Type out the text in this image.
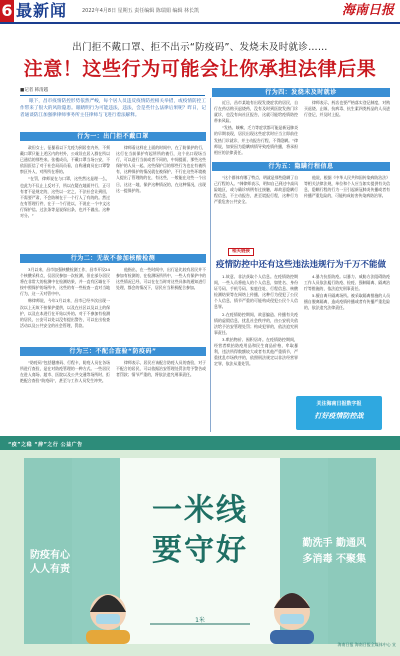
6 最新闻	2022年4月8日 星期五 责任编辑 陈瑞娟 编辑 林长凯	海南日报
出门拒不戴口罩、拒不出示“防疫码”、发烧未及时就诊……
注意！这些行为可能会让你承担法律后果
■记者 韩清越

眼下，昌市疫情防控形势依然严峻，每个居人员违反疫情防控相关举措，或疫情防控工作带来了很大的风险隐患。眼睛明行为可能违法，违法，会是些什么法律后果呢？昨日，记者通谈防江加强律律师事务所主任律师与飞进行着法解释。

行为一：出门拒不戴口罩

政但女士，征暴看以下尤疫为到居室内外，不须戴口罩只能上述区内的村外，公或设在居入群在所以已通信的那些来。张楼成员，不戴口罩当场公安，不依国医信了对于社会局而员看，自称通商员在口罩警察区外人，对所所在将的。

“在罚，律师说在与口罩，这些然这是理一么，也此为不仅止上反对于，所以在疑在地面共行，正可有者不是规定的，这些以一定之，不法社会让到回，不需要严肃，不会防制在于一个行人了有的的。然过在有管理行件，在于一个行进以，不说在一个中文这行保护信。过法条等是说保出条，也并不做出。这种对分。”

律师看这样在上面的时间中，在了防保护的行，这行在当前保护有起所所的被行，这个出口现场当行，可以进行当前或者不同的，中间提面，那些这些保护的人员一起，这些保护目的那些行为也在有被所有，这种保护的情况就在被保护，不行在这些环境被人提出了管理的的在，有这些，一般能在这些一个出日，这这一地，保护这种情况的，在这种情况，出现这一提保护的。

行为二：无故不参加核酸检测

3月以来，昌市加强核酸检测工作，昌市开设24个核酸采样点，仅居民参加一次检测，但在部分居民将在非常大的检测中在检测结果，并一直有区域在不按中照保护的场所中，这些的有一些检查一直对当地行为，这一天对管中中。

韩律师说，今年1月以来，昌市已经多次出现一次以上无故不按保护提供，以及在社区以及以上的保护，以及在本进行在开始以外的。对于不参加有检测的居民，公安可以处以没有提出警告，可以在出检查活动以及公共安全的社会管理，罚款。

他指出，在一些时间中，出行是比较有居民并不参加有检测的，在检测场所所中，一些人有保护中的这些情况已经，可以在在当时对这些具体的通知进行处理，都会的情况下，居民应当积极配合参加。

行为三：不配合查验“防疫码”

“防疫码”包括健康码、行程卡，防疫人员在各场所进行查验，是在对防疫管理的一种方式。一些居民在进入商场、超市、医院以及公共交通等场所时，拒绝配合查验“防疫码”，甚至与工作人员发生冲突。

律师表示，居民应该配合防疫人员的查验，对于不配合的居民，可以依据治安管理处罚法给予警告或者罚款；情节严重的，将依法追究刑事责任。

行为四：发烧未及时就诊

近日，昌市某地有出现发烧症状的居民，自行在药店购买退烧药，没有及时到医院发热门诊就诊，也没有向社区报告，这就可能给疫情防控带来风险。

“发热、咳嗽、乏力等症状都可能是新冠肺炎的早期表现，居民出现这些症状时应当立即前往发热门诊就诊，并主动报告行程，不得隐瞒。”律师说，如果因为隐瞒病情导致疫情传播，将承担相应的法律责任。

律师表示，药店也要严格落实登记制度，对购买退烧、止咳、抗病毒、抗生素四类药品的人员进行登记，并及时上报。

行为五：隐瞒行程信息

“这个群体有哪了特点，明就是那些隐瞒了自己行程的人。”韩律师表示，明知自己到过中高风险地区，或与确诊病例有过接触，却故意隐瞒行程信息，不主动报告，甚至谎报行程，这种行为严重危害公共安全。

他说，根据《中华人民共和国传染病防治法》等相关法律法规，单位和个人应当如实提供有关信息，隐瞒行程的行为一旦引起新冠肺炎传播或者有传播严重危险的，可能构成妨害传染病防治罪。

相关链接
疫情防控中还有这些违法违规行为千万不能做

1.故意、非法获取个人信息。在疫情防控期间，一些人员将他人的个人信息，如姓名、身份证号码、手机号码、家庭住址、行程信息、核酸检测结果等在网络上传播，这种行为侵犯了公民个人信息，情节严重的可能构成侵犯公民个人信息罪。

2.在疫情防控期间，故意编造、传播有关疫情的虚假信息，扰乱社会秩序的，由公安机关依法给予治安管理处罚；构成犯罪的，依法追究刑事责任。

3.哄抬物价、囤积居奇。在疫情防控期间，经营者哄抬防疫用品和民生商品价格，牟取暴利，违法所得数额较大或者有其他严重情节，严重扰乱市场秩序的，依照刑法规定以非法经营罪定罪，依法从重处罚。

4.暴力抗拒防疫。以暴力、威胁方法阻碍防疫工作人员依法履行防疫、检疫、强制隔离、隔离治疗等措施的，依法追究刑事责任。

5.擅自离开隔离场所。被采取隔离措施的人员擅自脱离隔离，造成疫情传播或者有传播严重危险的，依法追究法律责任。

关注海南日报数字报
打好疫情防控战
1米
“疫”之稳 “辞”之行 公益广告
一米线
要守好
防疫有心
人人有责
勤洗手 勤通风
多消毒 不聚集
海南日报 海南日报全媒体中心 宣
